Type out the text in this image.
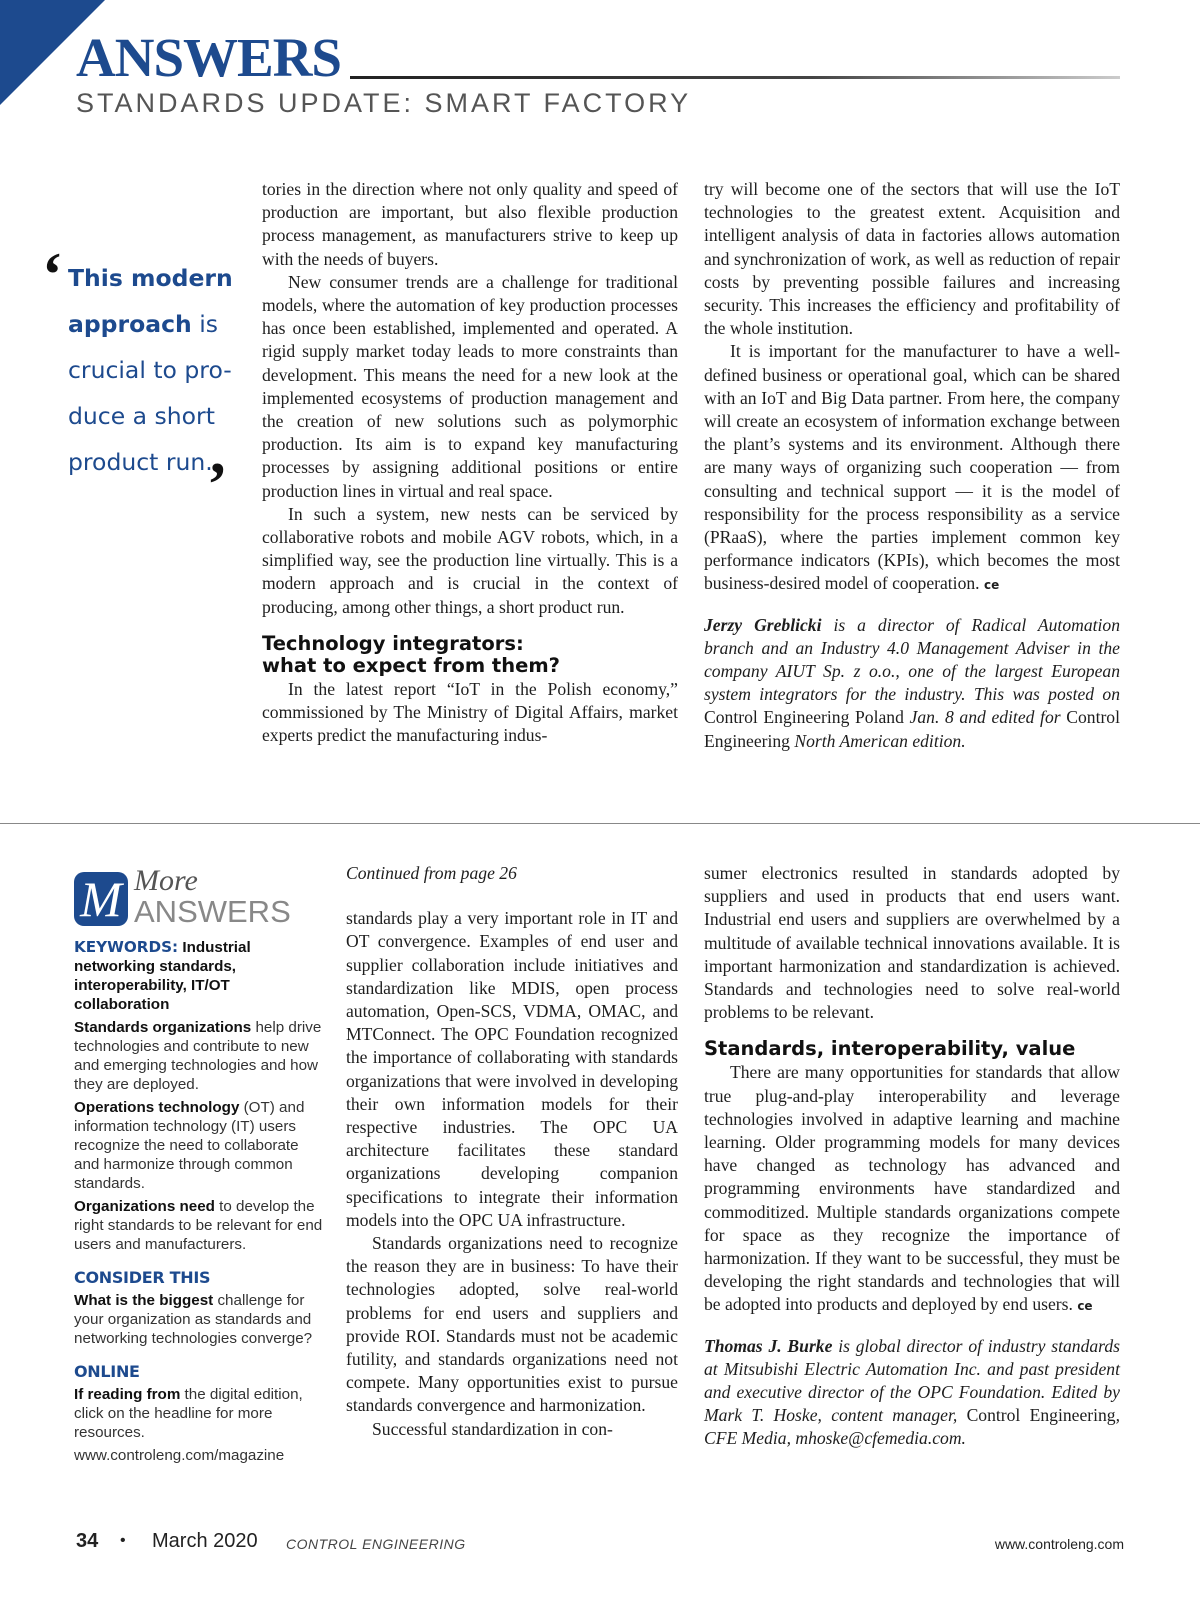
ANSWERS
STANDARDS UPDATE: SMART FACTORY
‘ This modern
approach is
crucial to pro-
duce a short
product run.
’

tories in the direction where not only quality and speed of production are important, but also flexible production process management, as manufacturers strive to keep up with the needs of buyers.

New consumer trends are a challenge for traditional models, where the automation of key production processes has once been established, implemented and operated. A rigid supply market today leads to more constraints than development. This means the need for a new look at the implemented ecosystems of production management and the creation of new solutions such as polymorphic production. Its aim is to expand key manufacturing processes by assigning additional positions or entire production lines in virtual and real space.

In such a system, new nests can be serviced by collaborative robots and mobile AGV robots, which, in a simplified way, see the production line virtually. This is a modern approach and is crucial in the context of producing, among other things, a short product run.

Technology integrators:
what to expect from them?

In the latest report “IoT in the Polish economy,” commissioned by The Ministry of Digital Affairs, market experts predict the manufacturing indus-

try will become one of the sectors that will use the IoT technologies to the greatest extent. Acquisition and intelligent analysis of data in factories allows automation and synchronization of work, as well as reduction of repair costs by preventing possible failures and increasing security. This increases the efficiency and profitability of the whole institution.

It is important for the manufacturer to have a well-defined business or operational goal, which can be shared with an IoT and Big Data partner. From here, the company will create an ecosystem of information exchange between the plant’s systems and its environment. Although there are many ways of organizing such cooperation — from consulting and technical support — it is the model of responsibility for the process responsibility as a service (PRaaS), where the parties implement common key performance indicators (KPIs), which becomes the most business-desired model of cooperation. ce

Jerzy Greblicki is a director of Radical Automation branch and an Industry 4.0 Management Adviser in the company AIUT Sp. z o.o., one of the largest European system integrators for the industry. This was posted on Control Engineering Poland Jan. 8 and edited for Control Engineering North American edition.

M More
ANSWERS

KEYWORDS: Industrial networking standards, interoperability, IT/OT collaboration

Standards organizations help drive technologies and contribute to new and emerging technologies and how they are deployed.

Operations technology (OT) and information technology (IT) users recognize the need to collaborate and harmonize through common standards.

Organizations need to develop the right standards to be relevant for end users and manufacturers.

CONSIDER THIS

What is the biggest challenge for your organization as standards and networking technologies converge?

ONLINE

If reading from the digital edition, click on the headline for more resources.

www.controleng.com/magazine

Continued from page 26

standards play a very important role in IT and OT convergence. Examples of end user and supplier collaboration include initiatives and standardization like MDIS, open process automation, Open-SCS, VDMA, OMAC, and MTConnect. The OPC Foundation recognized the importance of collaborating with standards organizations that were involved in developing their own information models for their respective industries. The OPC UA architecture facilitates these standard organizations developing companion specifications to integrate their information models into the OPC UA infrastructure.

Standards organizations need to recognize the reason they are in business: To have their technologies adopted, solve real-world problems for end users and suppliers and provide ROI. Standards must not be academic futility, and standards organizations need not compete. Many opportunities exist to pursue standards convergence and harmonization.

Successful standardization in con-

sumer electronics resulted in standards adopted by suppliers and used in products that end users want. Industrial end users and suppliers are overwhelmed by a multitude of available technical innovations available. It is important harmonization and standardization is achieved. Standards and technologies need to solve real-world problems to be relevant.

Standards, interoperability, value

There are many opportunities for standards that allow true plug-and-play interoperability and leverage technologies involved in adaptive learning and machine learning. Older programming models for many devices have changed as technology has advanced and programming environments have standardized and commoditized. Multiple standards organizations compete for space as they recognize the importance of harmonization. If they want to be successful, they must be developing the right standards and technologies that will be adopted into products and deployed by end users. ce

Thomas J. Burke is global director of industry standards at Mitsubishi Electric Automation Inc. and past president and executive director of the OPC Foundation. Edited by Mark T. Hoske, content manager, Control Engineering, CFE Media, mhoske@cfemedia.com.

34 • March 2020 CONTROL ENGINEERING	www.controleng.com
